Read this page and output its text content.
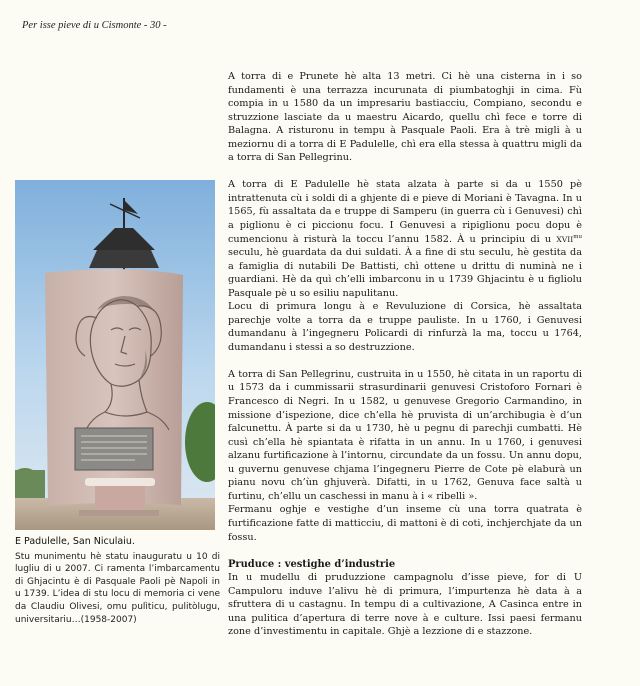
Per isse pieve di u Cismonte - 30 -
E Padulelle, San Niculaiu.
Stu munimentu hè statu inauguratu u 10 di lugliu di u 2007. Ci ramenta l’imbarcamentu di Ghjacintu è di Pasquale Paoli pè Napoli in u 1739. L’idea di stu locu di memoria ci vene da Claudiu Olivesi, omu pulìticu, pulitòlugu, universitariu…(1958-2007)

A torra di e Prunete hè alta 13 metri. Ci hè una cisterna in i so fundamenti è una terrazza incurunata di piumbatoghji in cima. Fù compia in u 1580 da un impresariu bastiacciu, Compiano, secondu e struzzione lasciate da u maestru Aicardo, quellu chì fece e torre di Balagna. A risturonu in tempu à Pasquale Paoli. Era à trè migli à u meziornu di a torra di E Padulelle, chì era ella stessa à quattru migli da a torra di San Pellegrinu.

A torra di E Padulelle hè stata alzata à parte si da u 1550 pè intrattenuta cù i soldi di a ghjente di e pieve di Moriani è Tavagna. In u 1565, fù assaltata da e truppe di Samperu (in guerra cù i Genuvesi) chì a piglionu è ci piccionu focu. I Genuvesi a ripiglionu pocu dopu è cumencionu à risturà la toccu l’annu 1582. À u principiu di u $XVII^{mu}$ seculu, hè guardata da dui suldati. À a fine di stu seculu, hè gestita da a famiglia di nutabili De Battisti, chì ottene u drittu di numinà ne i guardiani. Hè da quì ch’elli imbarconu in u 1739 Ghjacintu è u figliolu Pasquale pè u so esiliu napulitanu.

Locu di primura longu à e Revuluzione di Corsica, hè assaltata parechje volte a torra da e truppe pauliste. In u 1760, i Genuvesi dumandanu à l’ingegneru Policardi di rinfurzà la ma, toccu u 1764, dumandanu i stessi a so destruzzione.

A torra di San Pellegrinu, custruita in u 1550, hè citata in un raportu di u 1573 da i cummissarii strasurdinarii genuvesi Cristoforo Fornari è Francesco di Negri. In u 1582, u genuvese Gregorio Carmandino, in missione d’ispezione, dice ch’ella hè pruvista di un’archibugia è d’un falcunettu. À parte si da u 1730, hè u pegnu di parechji cumbatti. Hè cusì ch’ella hè spiantata è rifatta in un annu. In u 1760, i genuvesi alzanu furtificazione à l’intornu, circundate da un fossu. Un annu dopu, u guvernu genuvese chjama l’ingegneru Pierre de Cote pè elaburà un pianu novu ch’ùn ghjuverà. Difatti, in u 1762, Genuva face saltà u furtinu, ch’ellu un caschessi in manu à i « ribelli ».

Fermanu oghje e vestighe d’un inseme cù una torra quatrata è furtificazione fatte di matticciu, di mattoni è di coti, inchjerchjate da un fossu.

Pruduce : vestighe d’industrie

In u mudellu di pruduzzione campagnolu d’isse pieve, for di U Campuloru induve l’alivu hè di primura, l’impurtenza hè data à a sfruttera di u castagnu. In tempu di a cultivazione, A Casinca entre in una pulitica d’apertura di terre nove à e culture. Issi paesi fermanu zone d’investimentu in capitale. Ghjè a lezzione di e stazzone.
